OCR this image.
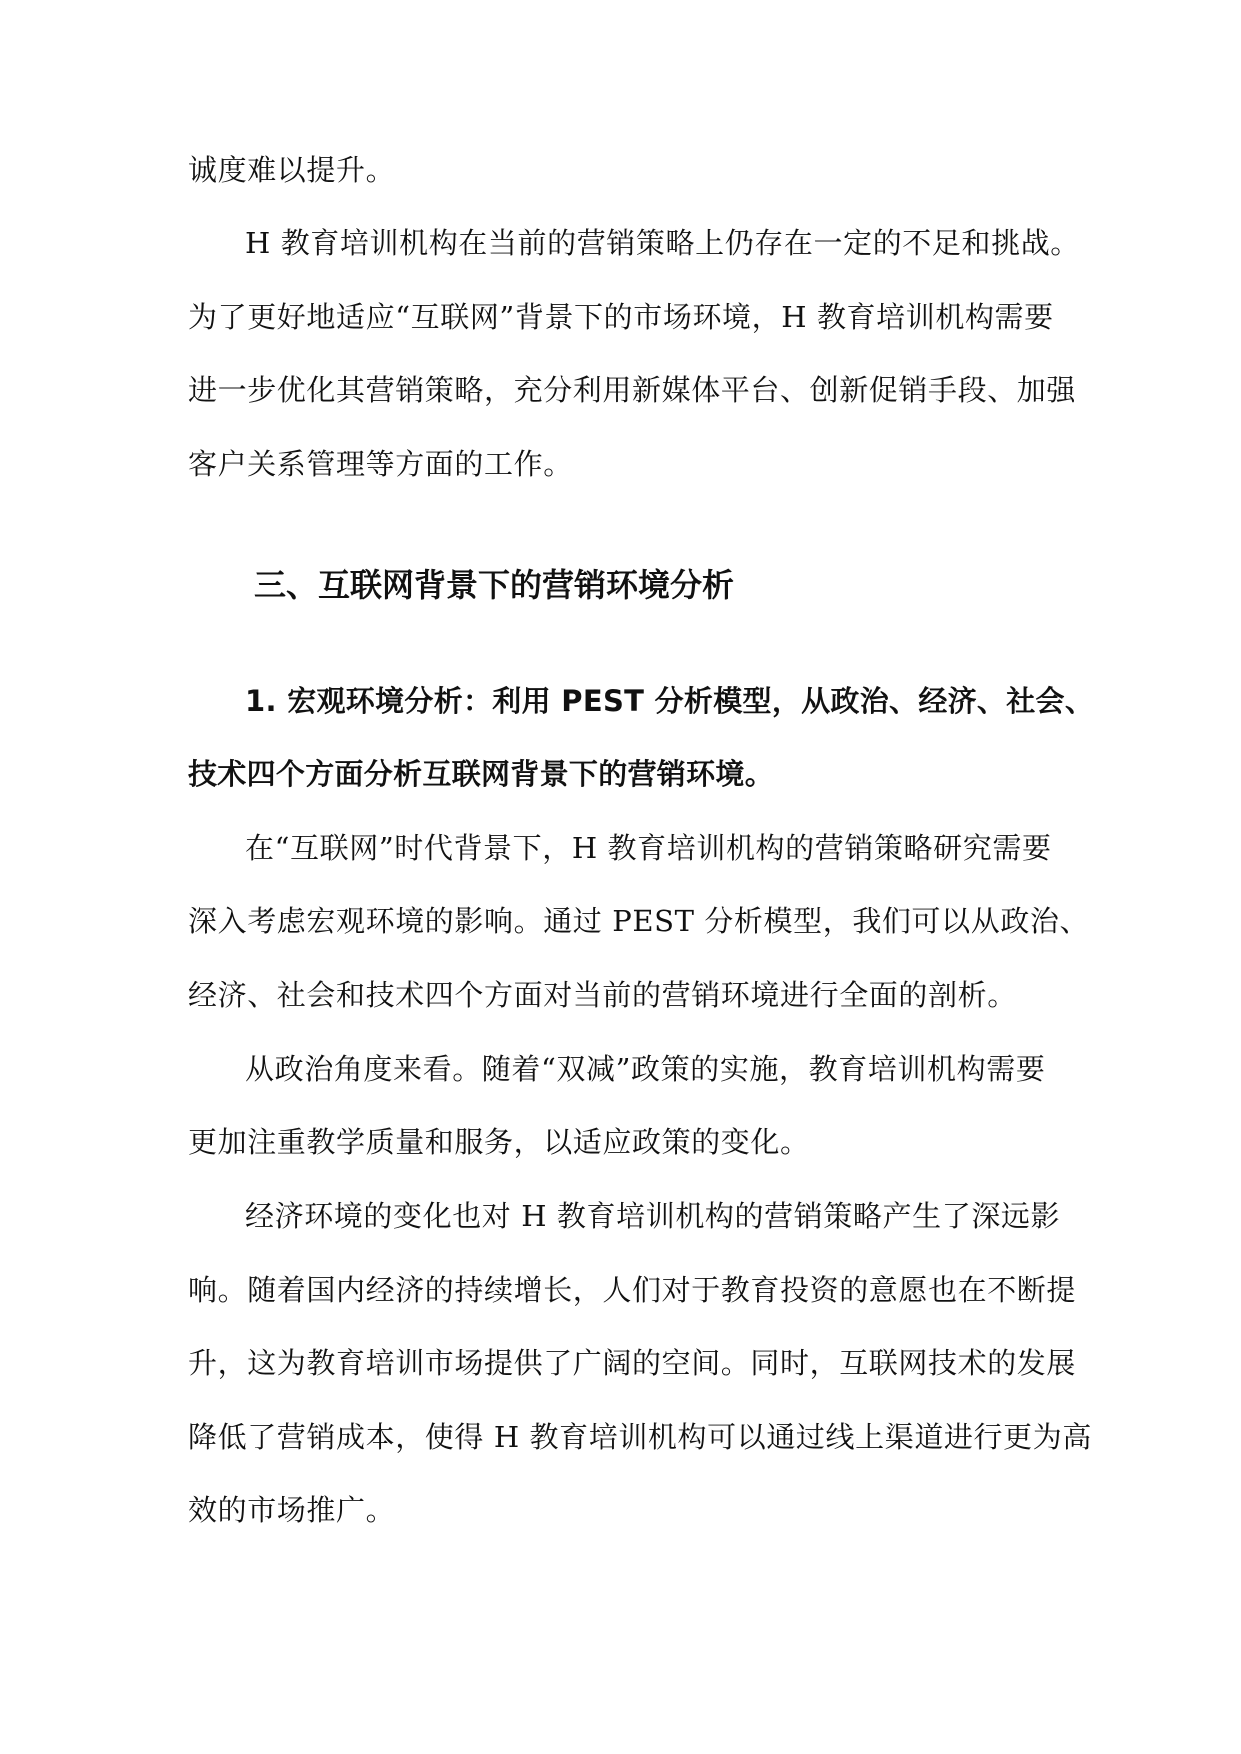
诚度难以提升。

H 教育培训机构在当前的营销策略上仍存在一定的不足和挑战。

为了更好地适应“互联网”背景下的市场环境，H 教育培训机构需要

进一步优化其营销策略，充分利用新媒体平台、创新促销手段、加强

客户关系管理等方面的工作。

三、互联网背景下的营销环境分析
1. 宏观环境分析：利用 PEST 分析模型，从政治、经济、社会、
技术四个方面分析互联网背景下的营销环境。

在“互联网”时代背景下，H 教育培训机构的营销策略研究需要

深入考虑宏观环境的影响。通过 PEST 分析模型，我们可以从政治、

经济、社会和技术四个方面对当前的营销环境进行全面的剖析。

从政治角度来看。随着“双减”政策的实施，教育培训机构需要

更加注重教学质量和服务，以适应政策的变化。

经济环境的变化也对 H 教育培训机构的营销策略产生了深远影

响。随着国内经济的持续增长，人们对于教育投资的意愿也在不断提

升，这为教育培训市场提供了广阔的空间。同时，互联网技术的发展

降低了营销成本，使得 H 教育培训机构可以通过线上渠道进行更为高

效的市场推广。
